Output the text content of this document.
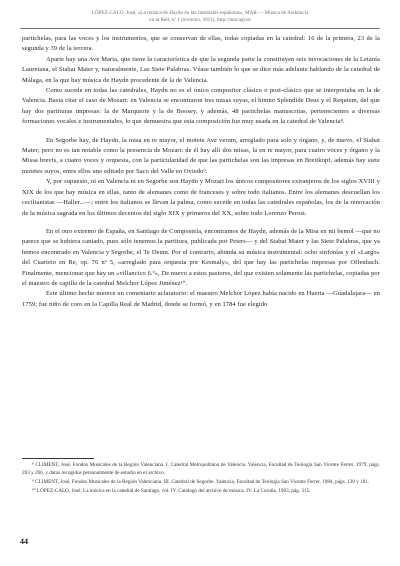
LÓPEZ-CALO, José, «La música de Haydn en las catedrales españolas», MAR — Música de Andalucía
en la Red, nº 1 (invierno, 2011), http://mar.ugr.es

partichelas, para las voces y los instrumentos, que se conservan de ellas, todas copiadas en la catedral: 16 de la primera, 23 de la segunda y 39 de la tercera.

Aparte hay una Ave Maria, que tiene la característica de que la segunda parte la constituyen seis invocaciones de la Letanía Lauretana, el Stabat Mater y, naturalmente, Las Siete Palabras. Véase también lo que se dice más adelante hablando de la catedral de Málaga, en la que hay música de Haydn procedente de la de Valencia.

Como sucede en todas las catedrales, Haydn no es el único compositor clásico o post-clásico que se interpretaba en la de Valencia. Basta citar el caso de Mozart: en Valencia se encontraron tres misas suyas, el himno Splendide Deus y el Requiem, del que hay dos partituras impresas: la de Marquerie y la de Boosey, y además, 48 partichelas manuscritas, pertenecientes a diversas formaciones vocales e instrumentales, lo que demuestra que esta composición fue muy usada en la catedral de Valencia⁸.

En Segorbe hay, de Haydn, la misa en re mayor, el motete Ave verum, arreglado para solo y órgano, y, de nuevo, el Stabat Mater; pero no es tan notable como la presencia de Mozart: de él hay allí dos misas, la en re mayor, para cuatro voces y órgano y la Missa brevis, a cuatro voces y orquesta, con la particularidad de que las partichelas son las impresas en Breitkopf, además hay siete motetes suyos, entre ellos uno editado por Saco del Valle en Oviedo⁹.

Y, por supuesto, ni en Valencia ni en Segorbe son Haydn y Mozart los únicos compositores extranjeros de los siglos XVIII y XIX de los que hay música en ellas, tanto de alemanes como de franceses y sobre todo italianos. Entre los alemanes descuellan los cecilianistas —Haller...—; entre los italianos se llevan la palma, como sucede en todas las catedrales españolas, los de la renovación de la música sagrada en los últimos decenios del siglo XIX y primeros del XX, sobre todo Lorenzo Perosi.

En el otro extremo de España, en Santiago de Compostela, encontramos de Haydn, además de la Misa en mi bemol —que no parece que se hubiera cantado, pues sólo tenemos la partitura, publicada por Peters— y del Stabat Mater y las Siete Palabras, que ya hemos encontrado en Valencia y Segorbe, el Te Deum. Por el contrario, abunda su música instrumental: ocho sinfonías y el «Largo» del Cuarteto en Re, op. 76 nº 5, «arreglado para orquesta por Kesmaly», del que hay las partichelas impresas por Offenbach. Finalmente, mencionar que hay un «villancico 6.º», De nuevo a estos pastores, del que existen solamente las partichelas, copiadas por el maestro de capilla de la catedral Melchor López Jiménez¹⁰.

Este último hecho merece un comentario aclaratorio: el maestro Melchor López había nacido en Huerta —Guadalajara— en 1759; fue niño de coro en la Capilla Real de Madrid, donde se formó, y en 1784 fue elegido

⁸ CLIMENT, José, Fondos Musicales de la Región Valenciana. I. Catedral Metropolitana de Valencia. Valencia, Facultad de Teología San Vicente Ferrer, 1979, págs. 203 y 266, y datos recogidos personalmente de estudio en el archivo.

⁹ CLIMENT, José, Fondos Musicales de la Región Valenciana. III. Catedral de Segorbe. Valencia, Facultad de Teología San Vicente Ferrer, 1984, págs. 130 y 181.

¹⁰ LÓPEZ-CALO, José, La música en la catedral de Santiago, vol. IV. Catálogo del archivo de música. IV. La Coruña, 1993, pág. 315.

44
